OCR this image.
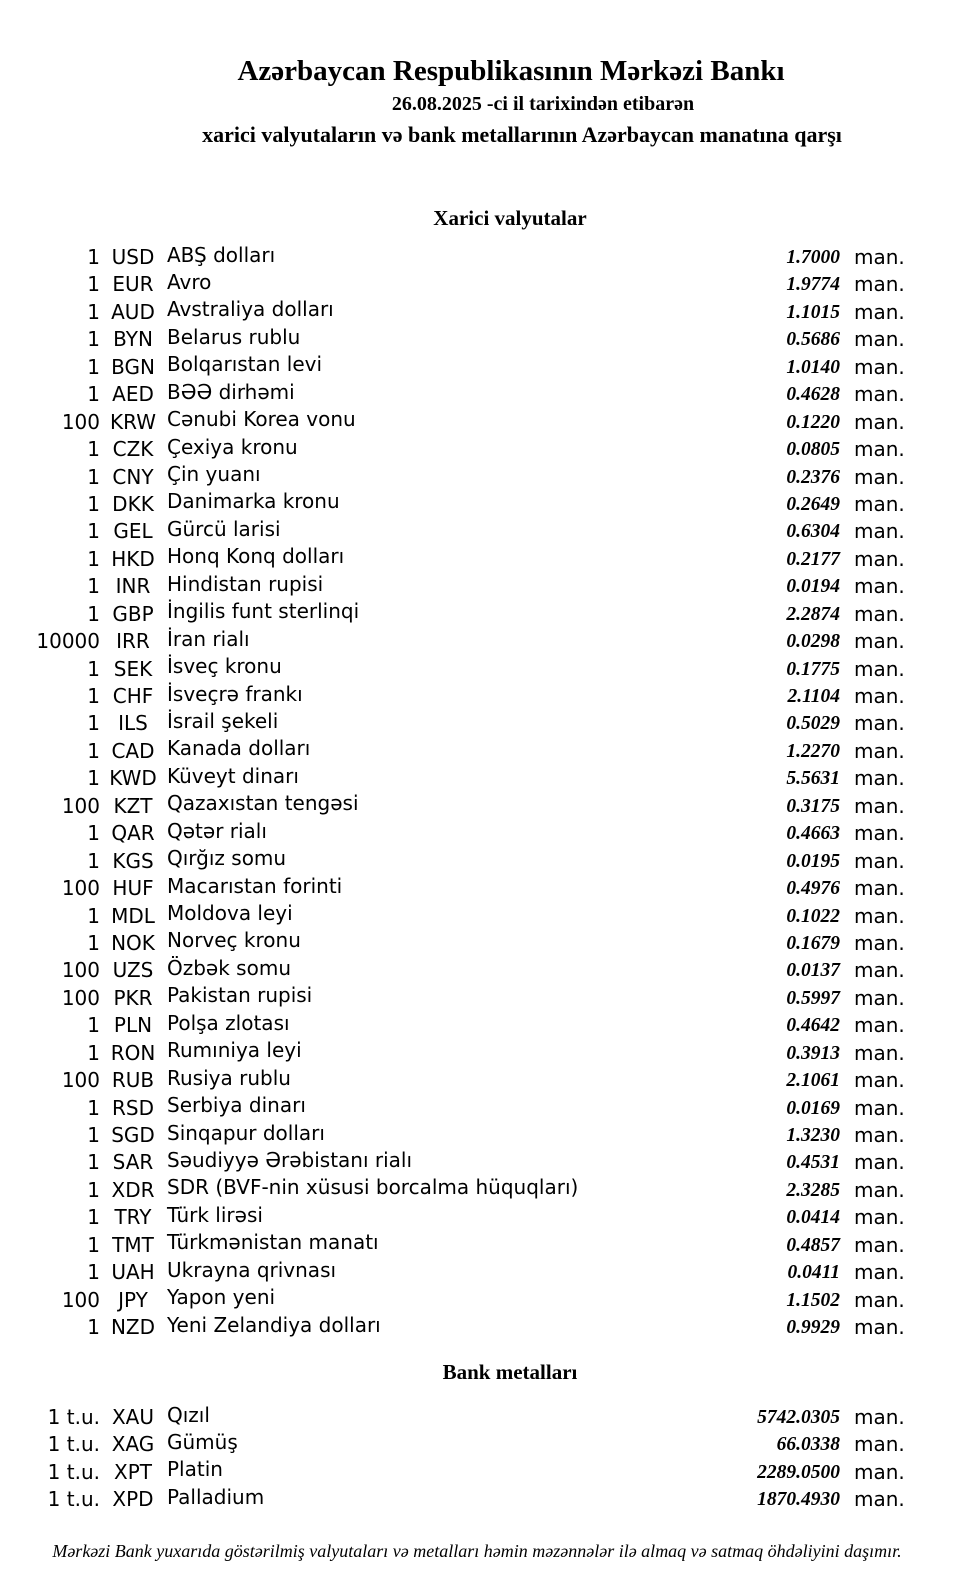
Azərbaycan Respublikasının Mərkəzi Bankı
26.08.2025 -ci il tarixindən etibarən
xarici valyutaların və bank metallarının Azərbaycan manatına qarşı
Xarici valyutalar
1 USD ABŞ dolları	1.7000 man.
1 EUR Avro	1.9774 man.
1 AUD Avstraliya dolları	1.1015 man.
1 BYN Belarus rublu	0.5686 man.
1 BGN Bolqarıstan levi	1.0140 man.
1 AED BƏƏ dirhəmi	0.4628 man.
100 KRW Cənubi Korea vonu	0.1220 man.
1 CZK Çexiya kronu	0.0805 man.
1 CNY Çin yuanı	0.2376 man.
1 DKK Danimarka kronu	0.2649 man.
1 GEL Gürcü larisi	0.6304 man.
1 HKD Honq Konq dolları	0.2177 man.
1 INR Hindistan rupisi	0.0194 man.
1 GBP İngilis funt sterlinqi	2.2874 man.
10000 IRR İran rialı	0.0298 man.
1 SEK İsveç kronu	0.1775 man.
1 CHF İsveçrə frankı	2.1104 man.
1 ILS İsrail şekeli	0.5029 man.
1 CAD Kanada dolları	1.2270 man.
1 KWD Küveyt dinarı	5.5631 man.
100 KZT Qazaxıstan tengəsi	0.3175 man.
1 QAR Qətər rialı	0.4663 man.
1 KGS Qırğız somu	0.0195 man.
100 HUF Macarıstan forinti	0.4976 man.
1 MDL Moldova leyi	0.1022 man.
1 NOK Norveç kronu	0.1679 man.
100 UZS Özbək somu	0.0137 man.
100 PKR Pakistan rupisi	0.5997 man.
1 PLN Polşa zlotası	0.4642 man.
1 RON Rumıniya leyi	0.3913 man.
100 RUB Rusiya rublu	2.1061 man.
1 RSD Serbiya dinarı	0.0169 man.
1 SGD Sinqapur dolları	1.3230 man.
1 SAR Səudiyyə Ərəbistanı rialı	0.4531 man.
1 XDR SDR (BVF-nin xüsusi borcalma hüquqları)	2.3285 man.
1 TRY Türk lirəsi	0.0414 man.
1 TMT Türkmənistan manatı	0.4857 man.
1 UAH Ukrayna qrivnası	0.0411 man.
100 JPY Yapon yeni	1.1502 man.
1 NZD Yeni Zelandiya dolları	0.9929 man.
Bank metalları
1 t.u. XAU Qızıl	5742.0305 man.
1 t.u. XAG Gümüş	66.0338 man.
1 t.u. XPT Platin	2289.0500 man.
1 t.u. XPD Palladium	1870.4930 man.
Mərkəzi Bank yuxarıda göstərilmiş valyutaları və metalları həmin məzənnələr ilə almaq və satmaq öhdəliyini daşımır.
